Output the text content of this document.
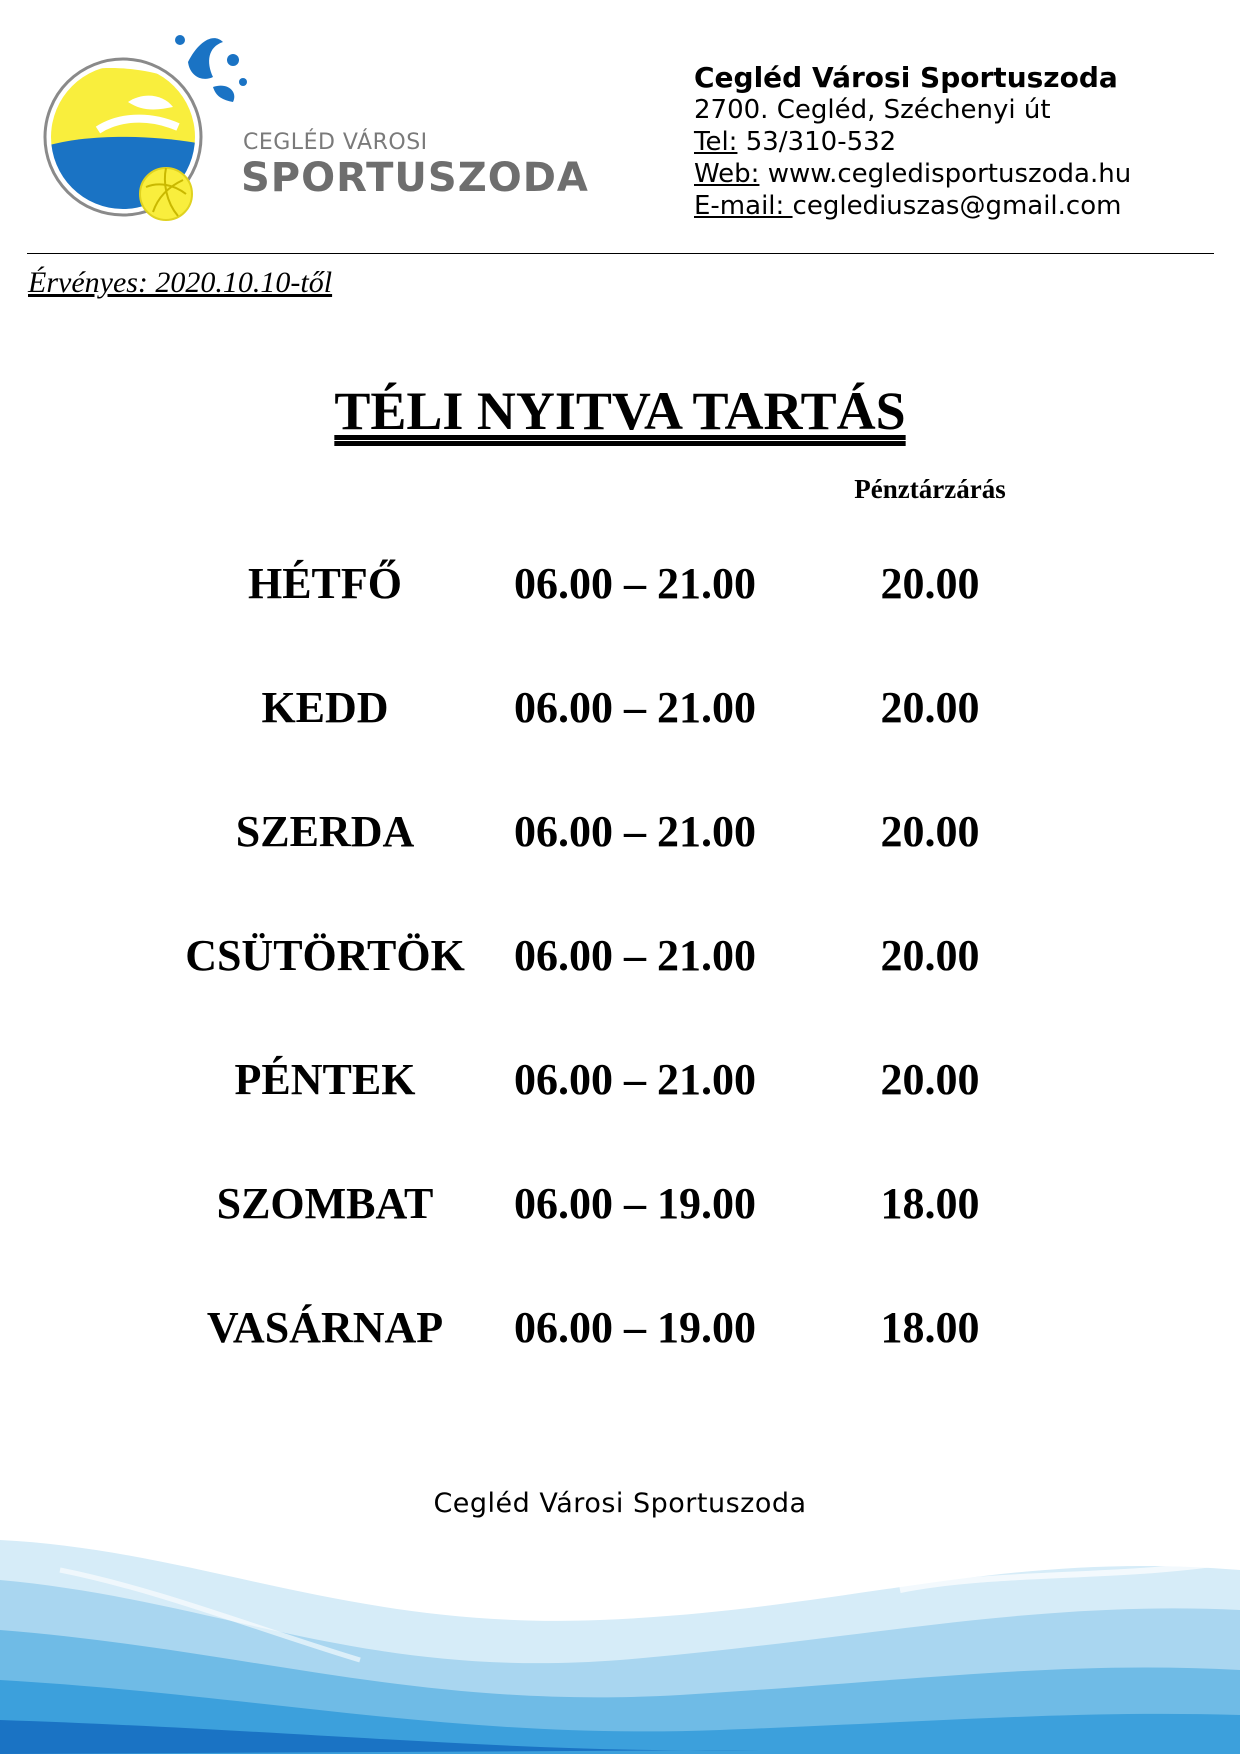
CEGLÉD VÁROSI
SPORTUSZODA
Cegléd Városi Sportuszoda
2700. Cegléd, Széchenyi út
Tel: 53/310-532
Web: www.cegledisportuszoda.hu
E-mail: ceglediuszas@gmail.com
Érvényes: 2020.10.10-től
TÉLI NYITVA TARTÁS
Pénztárzárás
HÉTFŐ	06.00 – 21.00	20.00
KEDD	06.00 – 21.00	20.00
SZERDA	06.00 – 21.00	20.00
CSÜTÖRTÖK	06.00 – 21.00	20.00
PÉNTEK	06.00 – 21.00	20.00
SZOMBAT	06.00 – 19.00	18.00
VASÁRNAP	06.00 – 19.00	18.00
Cegléd Városi Sportuszoda
